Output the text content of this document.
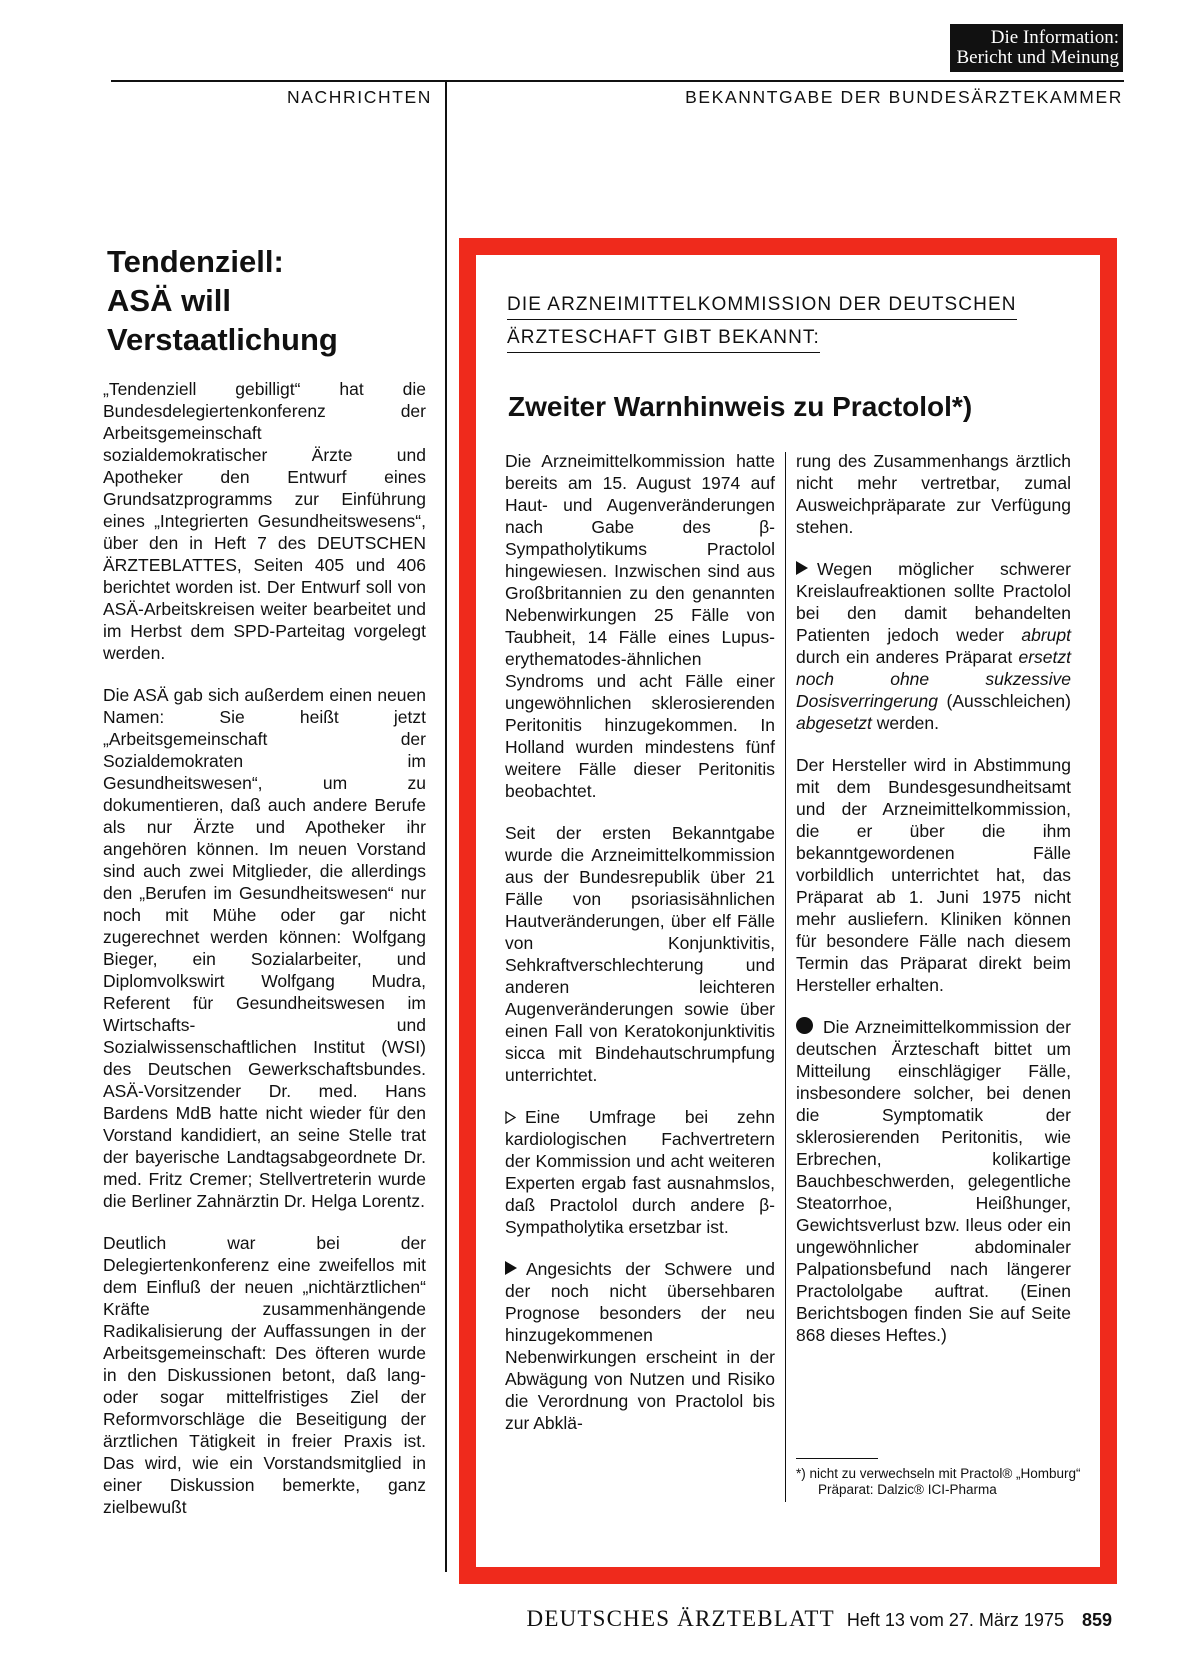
Die Information:
Bericht und Meinung
NACHRICHTEN	BEKANNTGABE DER BUNDESÄRZTEKAMMER
Tendenziell:
ASÄ will
Verstaatlichung

„Tendenziell gebilligt“ hat die Bundesdelegiertenkonferenz der Arbeitsgemeinschaft sozialdemokratischer Ärzte und Apotheker den Entwurf eines Grundsatzprogramms zur Einführung eines „Integrierten Gesundheitswesens“, über den in Heft 7 des DEUTSCHEN ÄRZTEBLATTES, Seiten 405 und 406 berichtet worden ist. Der Entwurf soll von ASÄ-Arbeitskreisen weiter bearbeitet und im Herbst dem SPD-Parteitag vorgelegt werden.

Die ASÄ gab sich außerdem einen neuen Namen: Sie heißt jetzt „Arbeitsgemeinschaft der Sozialdemokraten im Gesundheitswesen“, um zu dokumentieren, daß auch andere Berufe als nur Ärzte und Apotheker ihr angehören können. Im neuen Vorstand sind auch zwei Mitglieder, die allerdings den „Berufen im Gesundheitswesen“ nur noch mit Mühe oder gar nicht zugerechnet werden können: Wolfgang Bieger, ein Sozialarbeiter, und Diplomvolkswirt Wolfgang Mudra, Referent für Gesundheitswesen im Wirtschafts- und Sozialwissenschaftlichen Institut (WSI) des Deutschen Gewerkschaftsbundes. ASÄ-Vorsitzender Dr. med. Hans Bardens MdB hatte nicht wieder für den Vorstand kandidiert, an seine Stelle trat der bayerische Landtagsabgeordnete Dr. med. Fritz Cremer; Stellvertreterin wurde die Berliner Zahnärztin Dr. Helga Lorentz.

Deutlich war bei der Delegiertenkonferenz eine zweifellos mit dem Einfluß der neuen „nichtärztlichen“ Kräfte zusammenhängende Radikalisierung der Auffassungen in der Arbeitsgemeinschaft: Des öfteren wurde in den Diskussionen betont, daß lang- oder sogar mittelfristiges Ziel der Reformvorschläge die Beseitigung der ärztlichen Tätigkeit in freier Praxis ist. Das wird, wie ein Vorstandsmitglied in einer Diskussion bemerkte, ganz zielbewußt

DIE ARZNEIMITTELKOMMISSION DER DEUTSCHEN
ÄRZTESCHAFT GIBT BEKANNT:
Zweiter Warnhinweis zu Practolol*)

Die Arzneimittelkommission hatte bereits am 15. August 1974 auf Haut- und Augenveränderungen nach Gabe des β-Sympatholytikums Practolol hingewiesen. Inzwischen sind aus Großbritannien zu den genannten Nebenwirkungen 25 Fälle von Taubheit, 14 Fälle eines Lupus-erythematodes-ähnlichen Syndroms und acht Fälle einer ungewöhnlichen sklerosierenden Peritonitis hinzugekommen. In Holland wurden mindestens fünf weitere Fälle dieser Peritonitis beobachtet.

Seit der ersten Bekanntgabe wurde die Arzneimittelkommission aus der Bundesrepublik über 21 Fälle von psoriasisähnlichen Hautveränderungen, über elf Fälle von Konjunktivitis, Sehkraftverschlechterung und anderen leichteren Augenveränderungen sowie über einen Fall von Keratokonjunktivitis sicca mit Bindehautschrumpfung unterrichtet.

Eine Umfrage bei zehn kardiologischen Fachvertretern der Kommission und acht weiteren Experten ergab fast ausnahmslos, daß Practolol durch andere β-Sympatholytika ersetzbar ist.

Angesichts der Schwere und der noch nicht übersehbaren Prognose besonders der neu hinzugekommenen Nebenwirkungen erscheint in der Abwägung von Nutzen und Risiko die Verordnung von Practolol bis zur Abklä-

rung des Zusammenhangs ärztlich nicht mehr vertretbar, zumal Ausweichpräparate zur Verfügung stehen.

Wegen möglicher schwerer Kreislaufreaktionen sollte Practolol bei den damit behandelten Patienten jedoch weder abrupt durch ein anderes Präparat ersetzt noch ohne sukzessive Dosisverringerung (Ausschleichen) abgesetzt werden.

Der Hersteller wird in Abstimmung mit dem Bundesgesundheitsamt und der Arzneimittelkommission, die er über die ihm bekanntgewordenen Fälle vorbildlich unterrichtet hat, das Präparat ab 1. Juni 1975 nicht mehr ausliefern. Kliniken können für besondere Fälle nach diesem Termin das Präparat direkt beim Hersteller erhalten.

Die Arzneimittelkommission der deutschen Ärzteschaft bittet um Mitteilung einschlägiger Fälle, insbesondere solcher, bei denen die Symptomatik der sklerosierenden Peritonitis, wie Erbrechen, kolikartige Bauchbeschwerden, gelegentliche Steatorrhoe, Heißhunger, Gewichtsverlust bzw. Ileus oder ein ungewöhnlicher abdominaler Palpationsbefund nach längerer Practololgabe auftrat. (Einen Berichtsbogen finden Sie auf Seite 868 dieses Heftes.)

*) nicht zu verwechseln mit Practol® „Homburg“
Präparat: Dalzic® ICI-Pharma
DEUTSCHES ÄRZTEBLATT Heft 13 vom 27. März 1975 859
